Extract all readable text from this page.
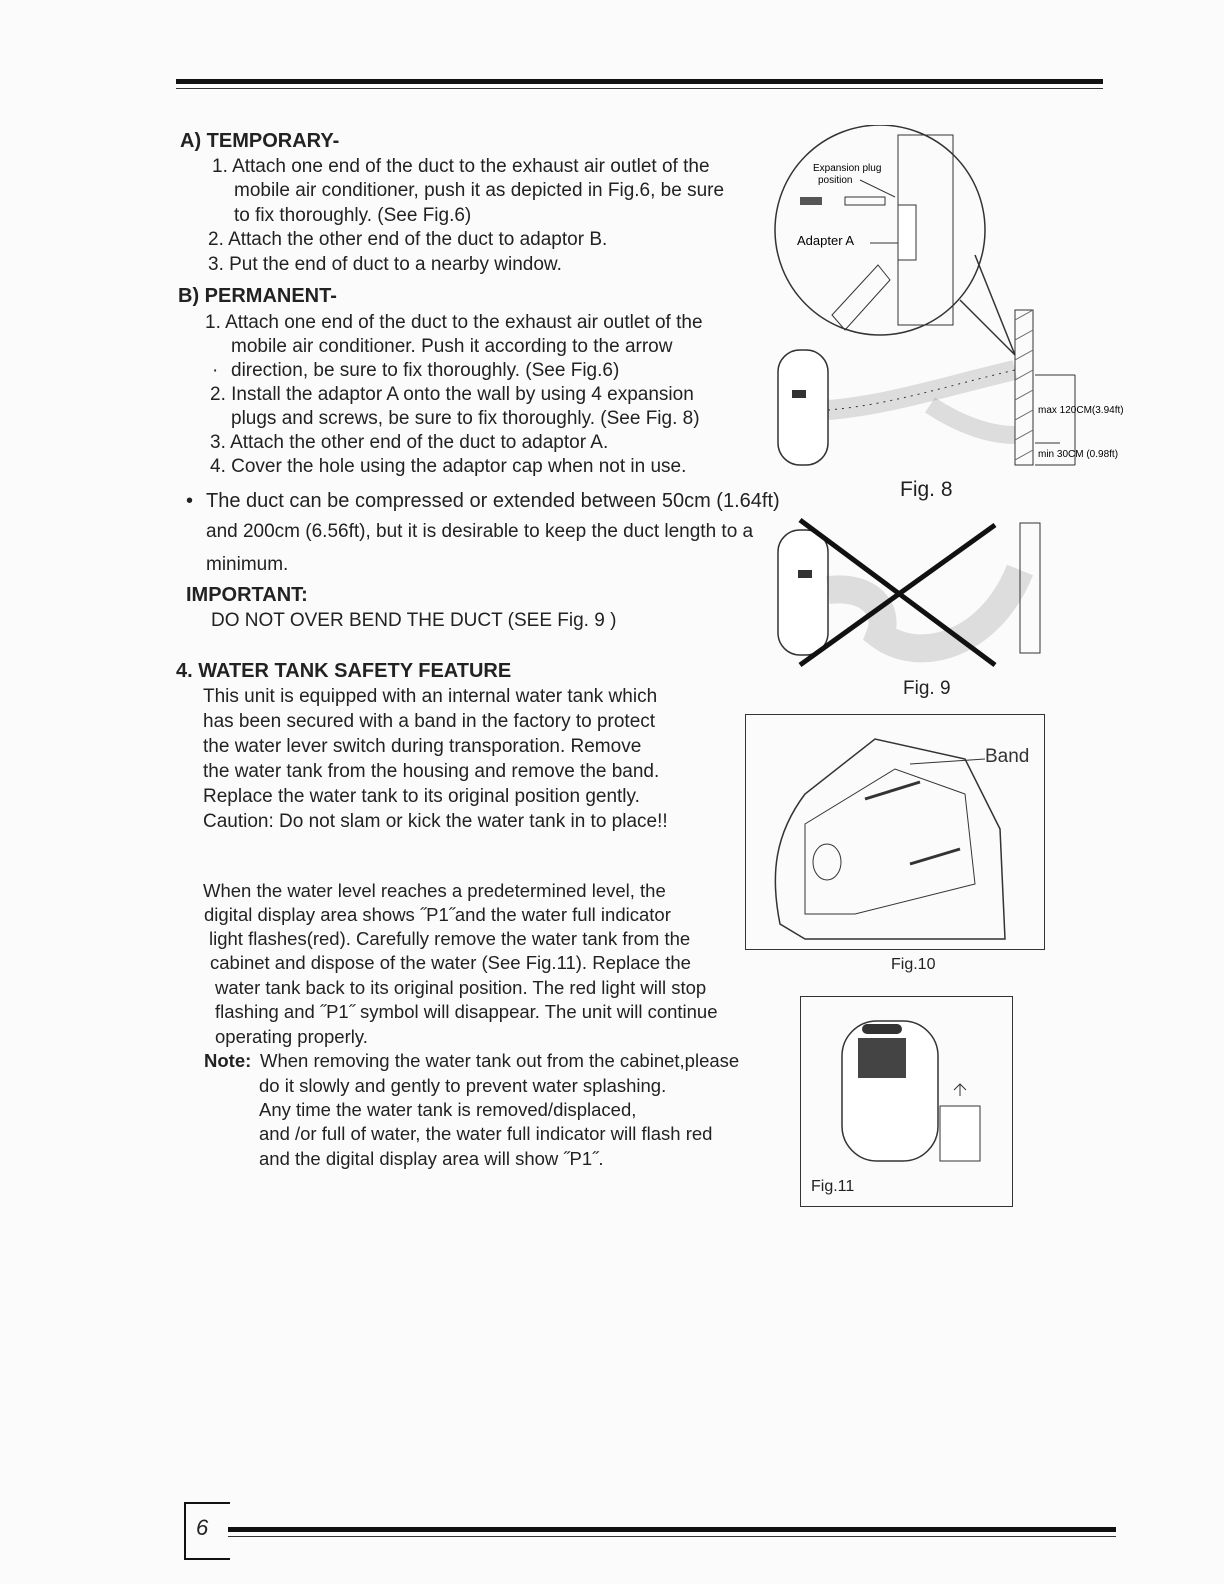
A) TEMPORARY-
1. Attach one end of the duct to the exhaust air outlet of the
mobile air conditioner, push it as depicted in Fig.6, be sure
to fix thoroughly. (See Fig.6)
2. Attach the other end of the duct to adaptor B.
3. Put the end of duct to a nearby window.
B) PERMANENT-
1. Attach one end of the duct to the exhaust air outlet of the
mobile air conditioner. Push it according to the arrow
· direction, be sure to fix thoroughly. (See Fig.6)
2. Install the adaptor A onto the wall by using 4 expansion
plugs and screws, be sure to fix thoroughly. (See Fig. 8)
3. Attach the other end of the duct to adaptor A.
4. Cover the hole using the adaptor cap when not in use.
• The duct can be compressed or extended between 50cm (1.64ft)
and 200cm (6.56ft), but it is desirable to keep the duct length to a
minimum.
IMPORTANT:
DO NOT OVER BEND THE DUCT (SEE Fig. 9 )
4. WATER TANK SAFETY FEATURE
This unit is equipped with an internal water tank which
has been secured with a band in the factory to protect
the water lever switch during transporation. Remove
the water tank from the housing and remove the band.
Replace the water tank to its original position gently.
Caution: Do not slam or kick the water tank in to place!!
When the water level reaches a predetermined level, the
digital display area shows ˝P1˝and the water full indicator
light flashes(red). Carefully remove the water tank from the
cabinet and dispose of the water (See Fig.11). Replace the
water tank back to its original position. The red light will stop
flashing and ˝P1˝ symbol will disappear. The unit will continue
operating properly.
Note: When removing the water tank out from the cabinet,please
do it slowly and gently to prevent water splashing.
Any time the water tank is removed/displaced,
and /or full of water, the water full indicator will flash red
and the digital display area will show ˝P1˝.
Expansion plug
position
Adapter A
max 120CM(3.94ft)
min 30CM (0.98ft)
Fig. 8
Fig. 9
Band
Fig.10
Fig.11
6
